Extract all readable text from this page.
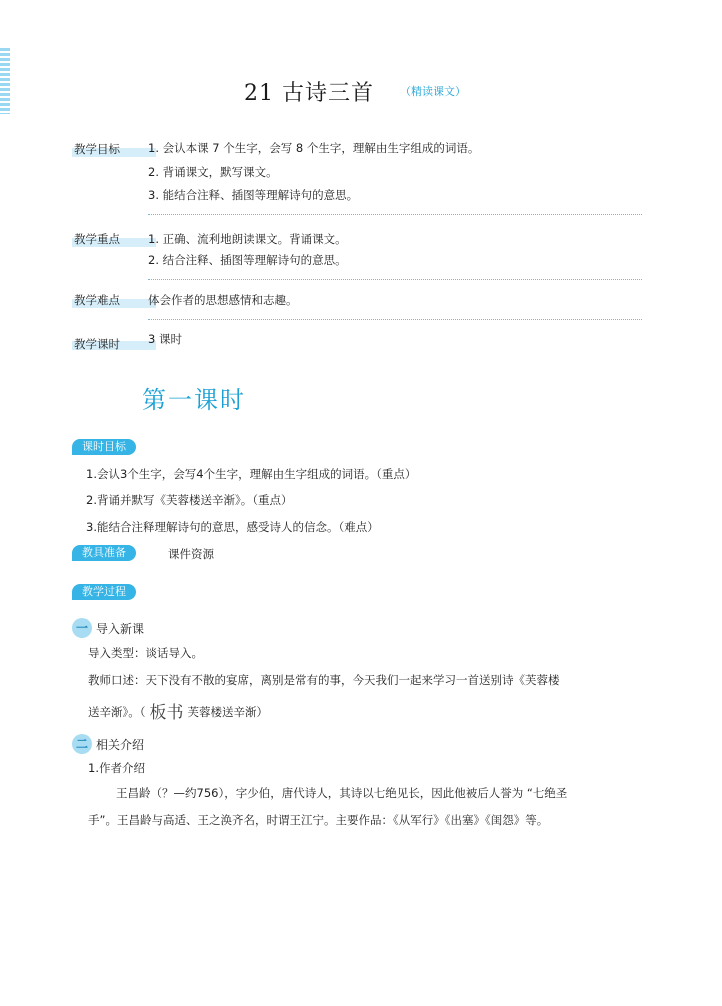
21 古诗三首 （精读课文）
教学目标 1. 会认本课 7 个生字，会写 8 个生字，理解由生字组成的词语。
2. 背诵课文，默写课文。
3. 能结合注释、插图等理解诗句的意思。
教学重点 1. 正确、流利地朗读课文。背诵课文。
2. 结合注释、插图等理解诗句的意思。
教学难点 体会作者的思想感情和志趣。
教学课时 3 课时
第一课时
课时目标
1.会认3个生字，会写4个生字，理解由生字组成的词语。（重点）
2.背诵并默写《芙蓉楼送辛渐》。（重点）
3.能结合注释理解诗句的意思，感受诗人的信念。（难点）
教具准备	课件资源
教学过程
一 导入新课
导入类型：谈话导入。
教师口述：天下没有不散的宴席，离别是常有的事，今天我们一起来学习一首送别诗《芙蓉楼
送辛渐》。（ 板书 芙蓉楼送辛渐）
二 相关介绍
1.作者介绍
王昌龄（？—约756），字少伯，唐代诗人，其诗以七绝见长，因此他被后人誉为 “七绝圣
手”。王昌龄与高适、王之涣齐名，时谓王江宁。主要作品：《从军行》《出塞》《闺怨》等。
